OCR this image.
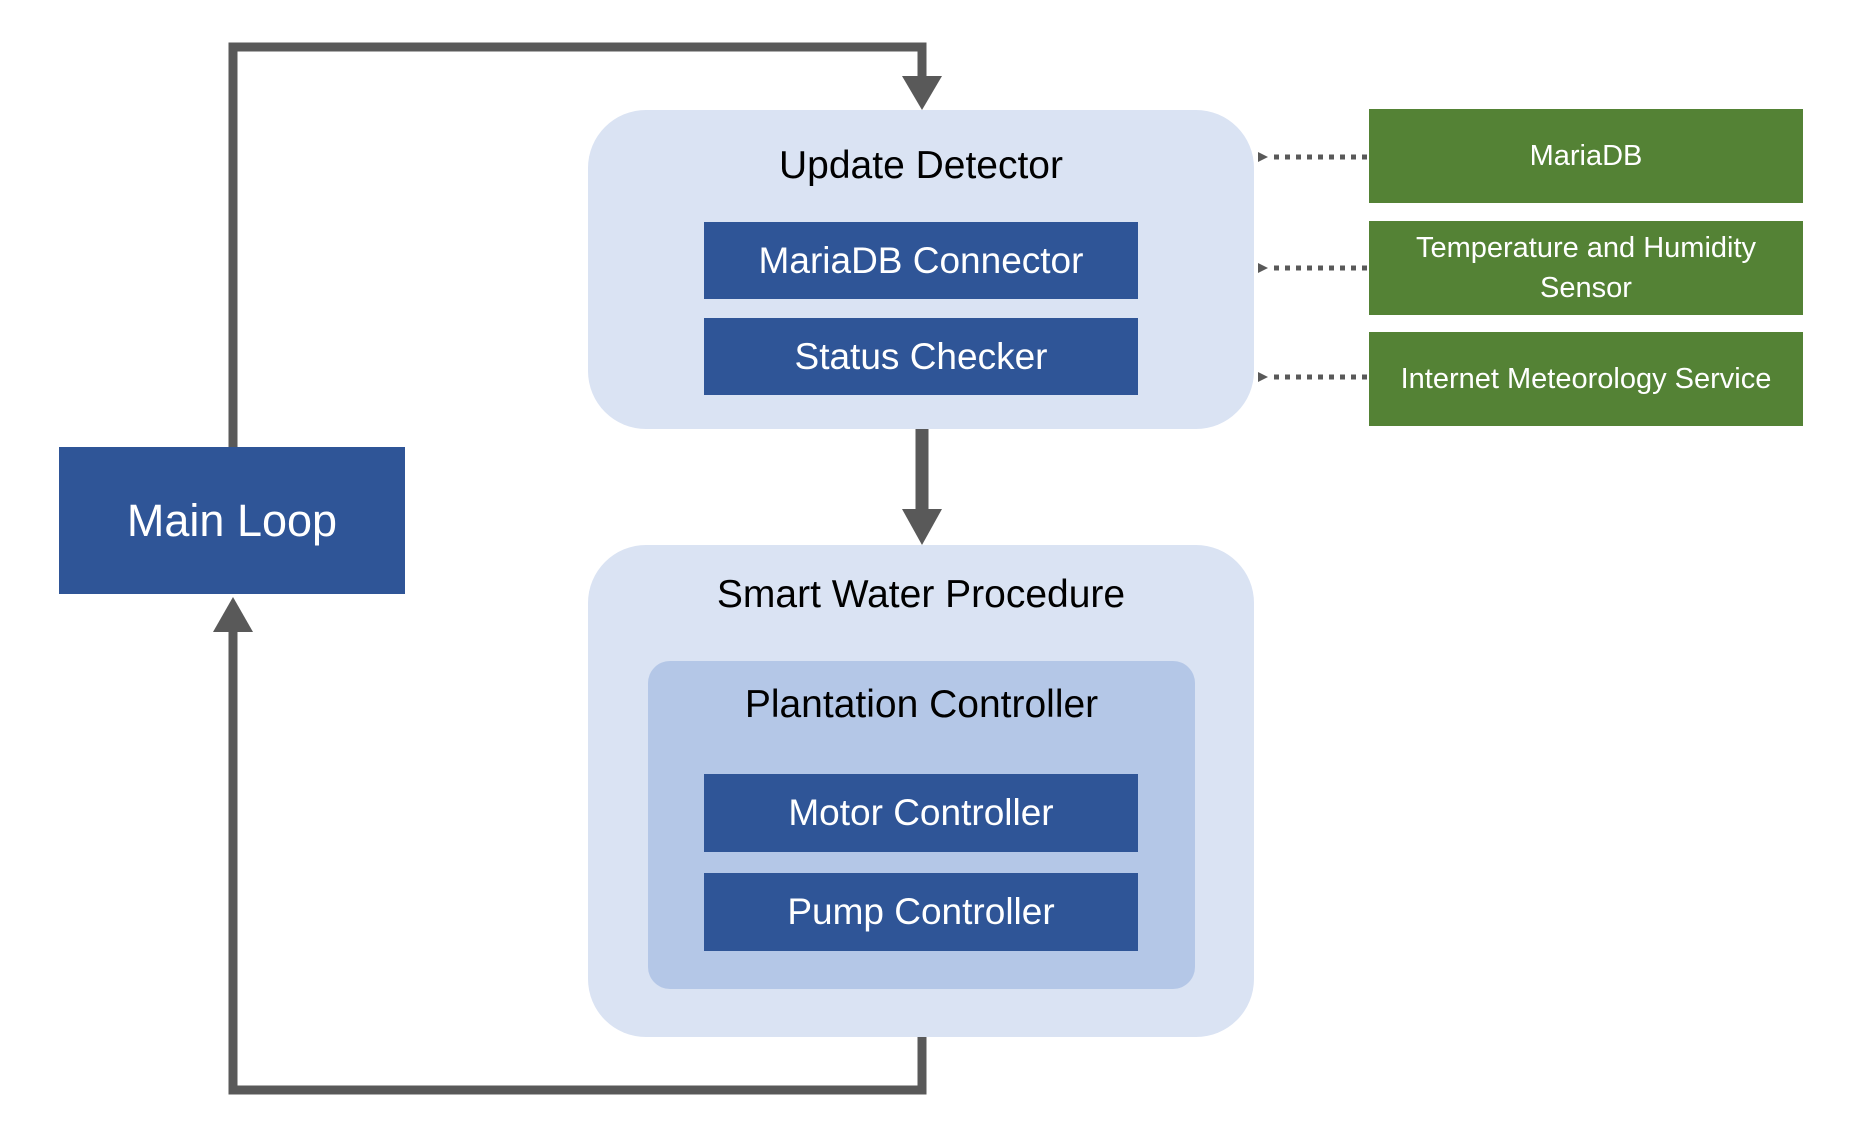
Main Loop
Update Detector
MariaDB Connector
Status Checker
Smart Water Procedure
Plantation Controller
Motor Controller
Pump Controller
MariaDB
Temperature and Humidity Sensor
Internet Meteorology Service
